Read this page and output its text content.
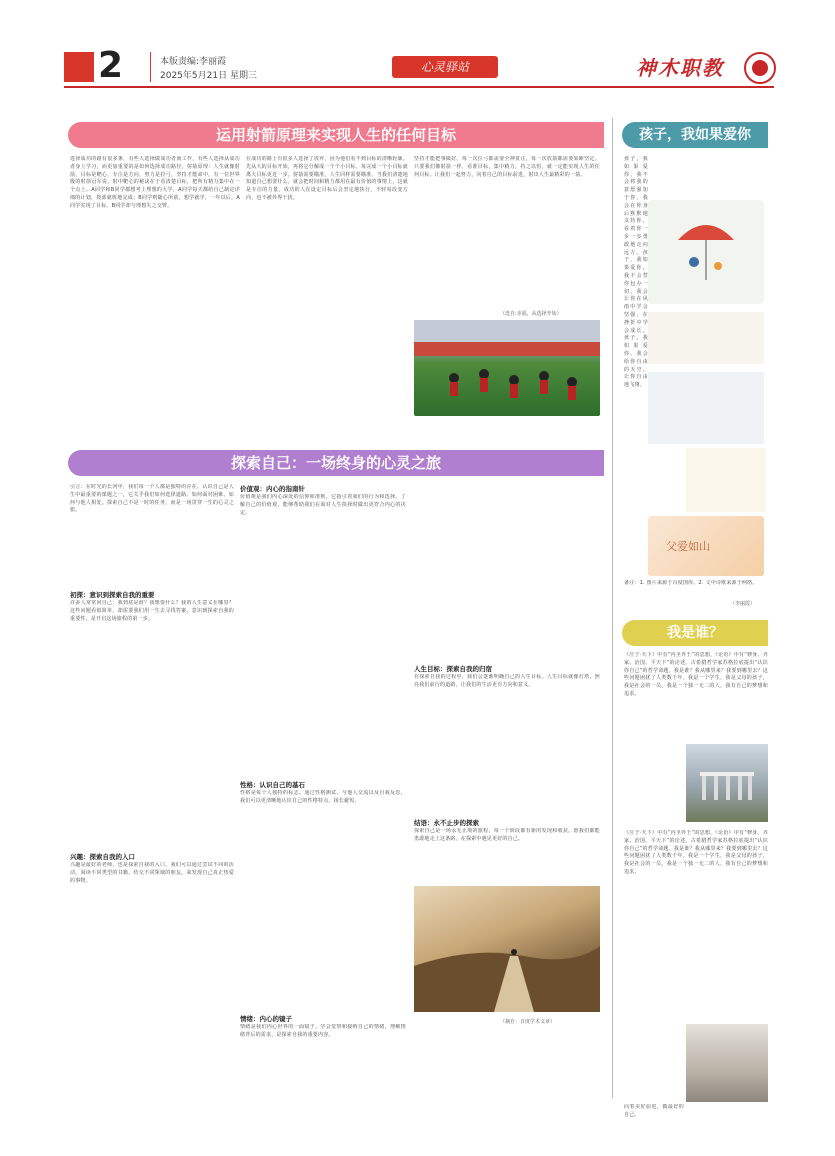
2	本版责编:李丽霞
2025年5月21日 星期三
心灵驿站	神木职教
运用射箭原理来实现人生的任何目标
选择成功的路有很多条，有些人选择做成功者而工作，有些人选择从成功者身上学习，而更加重要的是如何选择成功路径。射箭原理：人生就像射箭，目标是靶心，专注是方向，努力是拉弓，坚持才能命中。有一位世界级的射箭冠军说，射中靶心的秘诀在于看清楚目标，把所有精力集中在一个点上。A同学和B同学都想考上理想的大学，A同学每天都给自己制定详细的计划，按部就班地完成；B同学则随心所欲，想学就学。一年以后，A同学实现了目标，B同学却与理想失之交臂。
在成功的路上有很多人选择了放弃，因为他们看不到目标的清晰轮廓。先从大的目标开始，再将它分解成一个个小目标，每完成一个小目标就离大目标更近一步。射箭需要瞄准，人生同样需要瞄准。当我们清楚地知道自己想要什么，就会把时间和精力都用在最有价值的事情上，这就是专注的力量。成功的人在设定目标后会坚定地执行，不轻易改变方向，也不被外界干扰。
坚持才能把事做好。每一次拉弓都需要全神贯注，每一次放箭都需要果断坚定。只要我们像射箭一样，看准目标，集中精力，持之以恒，就一定能实现人生的任何目标。让我们一起努力，向着自己的目标前进，射出人生最精彩的一箭。
（选自:幸福，从选择开始）
探索自己：一场终身的心灵之旅
引言：在时光的长河中，我们每一个人都是独特的存在。认识自己是人生中最重要的课题之一，它关乎我们如何选择道路、如何面对困难、如何与他人相处。探索自己不是一时的任务，而是一场贯穿一生的心灵之旅。
初探：意识到探索自我的重要
许多人常常问自己：我到底是谁？我想要什么？我的人生意义在哪里？这些问题看似简单，却需要我们用一生去寻找答案。意识到探索自我的重要性，是开启这场旅程的第一步。
兴趣：探索自我的入口
兴趣是最好的老师，也是探索自我的入口。我们可以通过尝试不同的活动、阅读不同类型的书籍、结交不同领域的朋友，来发现自己真正热爱的事物。
价值观：内心的指南针
价值观是我们内心深处的信仰和准则，它指引着我们的行为和选择。了解自己的价值观，能够帮助我们在面对人生抉择时做出更符合内心的决定。
性格：认识自己的基石
性格是每个人独特的标志。通过性格测试、与他人交流以及自我反思，我们可以更清晰地认识自己的性格特点，扬长避短。
情绪：内心的镜子
情绪是我们内心世界的一面镜子。学会觉察和接纳自己的情绪，理解情绪背后的需求，是探索自我的重要内容。
人生目标：探索自我的归宿
在探索自我的过程中，我们会逐渐明确自己的人生目标。人生目标就像灯塔，照亮我们前行的道路，让我们的生活更有方向和意义。
结语：永不止步的探索
探索自己是一场永无止境的旅程，每一个阶段都有新的发现和收获。愿我们都能勇敢地走上这条路，在探索中遇见更好的自己。
（摘自：百度学术文章）
孩子，我如果爱你
孩子，我如果爱你，我不会将我的意愿强加于你，我会在你身后默默地支持你，看着你一步一步勇敢地走向远方。孩子，我如果爱你，我不会替你包办一切，我会让你在风雨中学会坚强，在挫折中学会成长。孩子，我如果爱你，我会给你自由的天空，让你自由地飞翔。
父爱如山
备注：1. 图片来源于百度图库。2. 文中诗歌来源于网络。
（李丽霞）
我是谁？
《庄子·天下》中有“内圣外王”的思想，《论语》中有“修身、齐家、治国、平天下”的论述。古希腊哲学家苏格拉底提出“认识你自己”的哲学命题。我是谁？我从哪里来？我要到哪里去？这些问题困扰了人类数千年。我是一个学生，我是父母的孩子，我是社会的一员。我是一个独一无二的人，我有自己的梦想和追求。
《庄子·天下》中有“内圣外王”的思想，《论语》中有“修身、齐家、治国、平天下”的论述。古希腊哲学家苏格拉底提出“认识你自己”的哲学命题。我是谁？我从哪里来？我要到哪里去？这些问题困扰了人类数千年。我是一个学生，我是父母的孩子，我是社会的一员。我是一个独一无二的人，我有自己的梦想和追求。
向着美好前进，做最好的自己。
